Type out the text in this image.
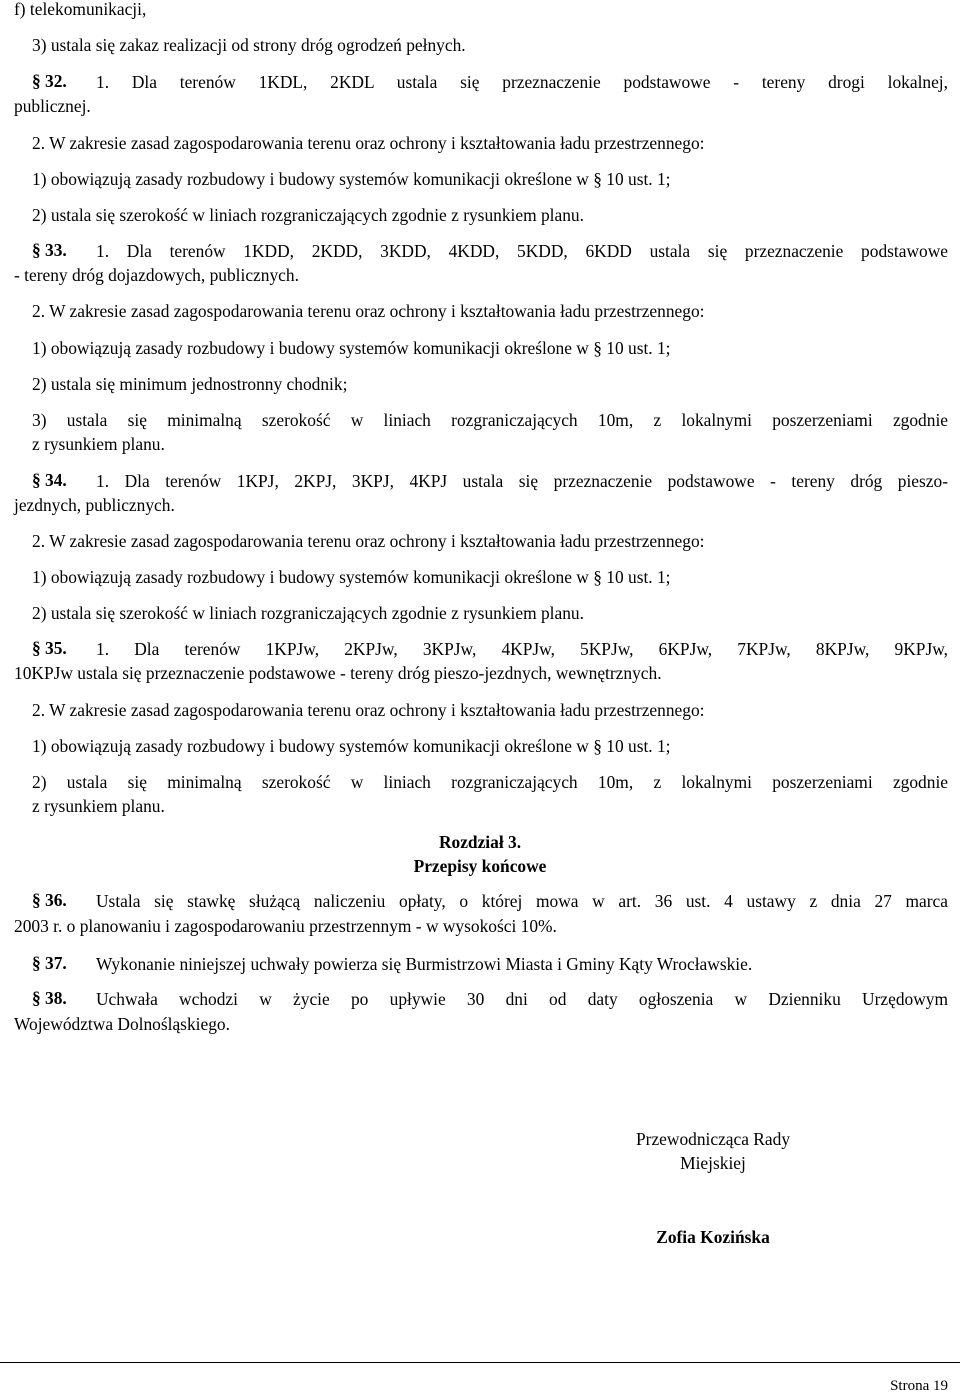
f) telekomunikacji,
3) ustala się zakaz realizacji od strony dróg ogrodzeń pełnych.
§ 32. 1. Dla terenów 1KDL, 2KDL ustala się przeznaczenie podstawowe - tereny drogi lokalnej,
publicznej.
2. W zakresie zasad zagospodarowania terenu oraz ochrony i kształtowania ładu przestrzennego:
1) obowiązują zasady rozbudowy i budowy systemów komunikacji określone w § 10 ust. 1;
2) ustala się szerokość w liniach rozgraniczających zgodnie z rysunkiem planu.
§ 33. 1. Dla terenów 1KDD, 2KDD, 3KDD, 4KDD, 5KDD, 6KDD ustala się przeznaczenie podstawowe
- tereny dróg dojazdowych, publicznych.
2. W zakresie zasad zagospodarowania terenu oraz ochrony i kształtowania ładu przestrzennego:
1) obowiązują zasady rozbudowy i budowy systemów komunikacji określone w § 10 ust. 1;
2) ustala się minimum jednostronny chodnik;
3) ustala się minimalną szerokość w liniach rozgraniczających 10m, z lokalnymi poszerzeniami zgodnie
z rysunkiem planu.
§ 34. 1. Dla terenów 1KPJ, 2KPJ, 3KPJ, 4KPJ ustala się przeznaczenie podstawowe - tereny dróg pieszo-
jezdnych, publicznych.
2. W zakresie zasad zagospodarowania terenu oraz ochrony i kształtowania ładu przestrzennego:
1) obowiązują zasady rozbudowy i budowy systemów komunikacji określone w § 10 ust. 1;
2) ustala się szerokość w liniach rozgraniczających zgodnie z rysunkiem planu.
§ 35. 1. Dla terenów 1KPJw, 2KPJw, 3KPJw, 4KPJw, 5KPJw, 6KPJw, 7KPJw, 8KPJw, 9KPJw,
10KPJw ustala się przeznaczenie podstawowe - tereny dróg pieszo-jezdnych, wewnętrznych.
2. W zakresie zasad zagospodarowania terenu oraz ochrony i kształtowania ładu przestrzennego:
1) obowiązują zasady rozbudowy i budowy systemów komunikacji określone w § 10 ust. 1;
2) ustala się minimalną szerokość w liniach rozgraniczających 10m, z lokalnymi poszerzeniami zgodnie
z rysunkiem planu.
Rozdział 3.
Przepisy końcowe
§ 36. Ustala się stawkę służącą naliczeniu opłaty, o której mowa w art. 36 ust. 4 ustawy z dnia 27 marca
2003 r. o planowaniu i zagospodarowaniu przestrzennym - w wysokości 10%.
§ 37. Wykonanie niniejszej uchwały powierza się Burmistrzowi Miasta i Gminy Kąty Wrocławskie.
§ 38. Uchwała wchodzi w życie po upływie 30 dni od daty ogłoszenia w Dzienniku Urzędowym
Województwa Dolnośląskiego.
Przewodnicząca Rady
Miejskiej
Zofia Kozińska
Strona 19
